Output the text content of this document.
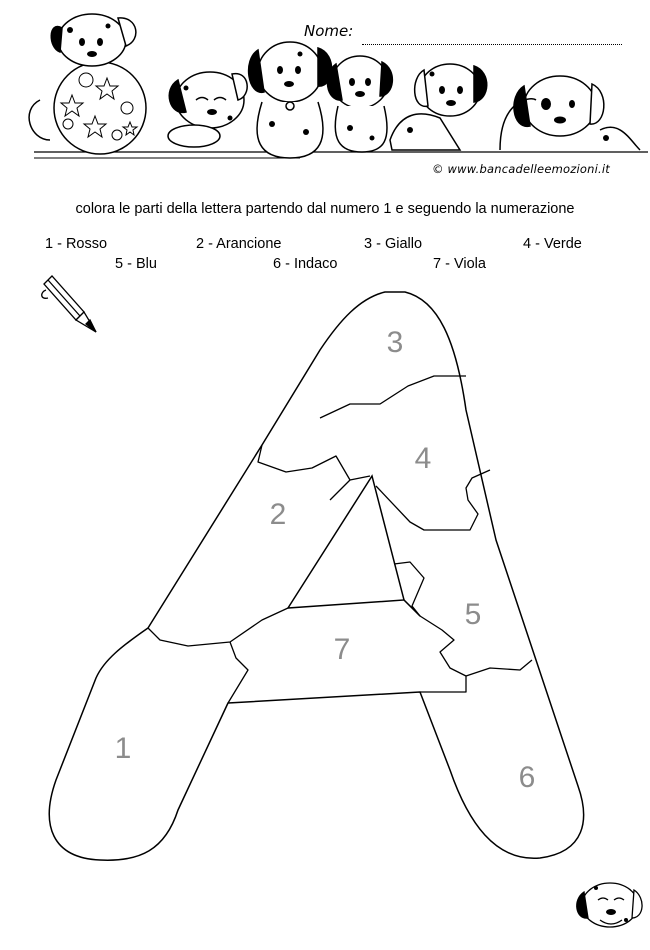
Nome:
© www.bancadelleemozioni.it
colora le parti della lettera partendo dal numero 1 e seguendo la numerazione
1 - Rosso	2 - Arancione	3 - Giallo	4 - Verde
5 - Blu	6 - Indaco	7 - Viola
1
2
3
4
5
6
7
